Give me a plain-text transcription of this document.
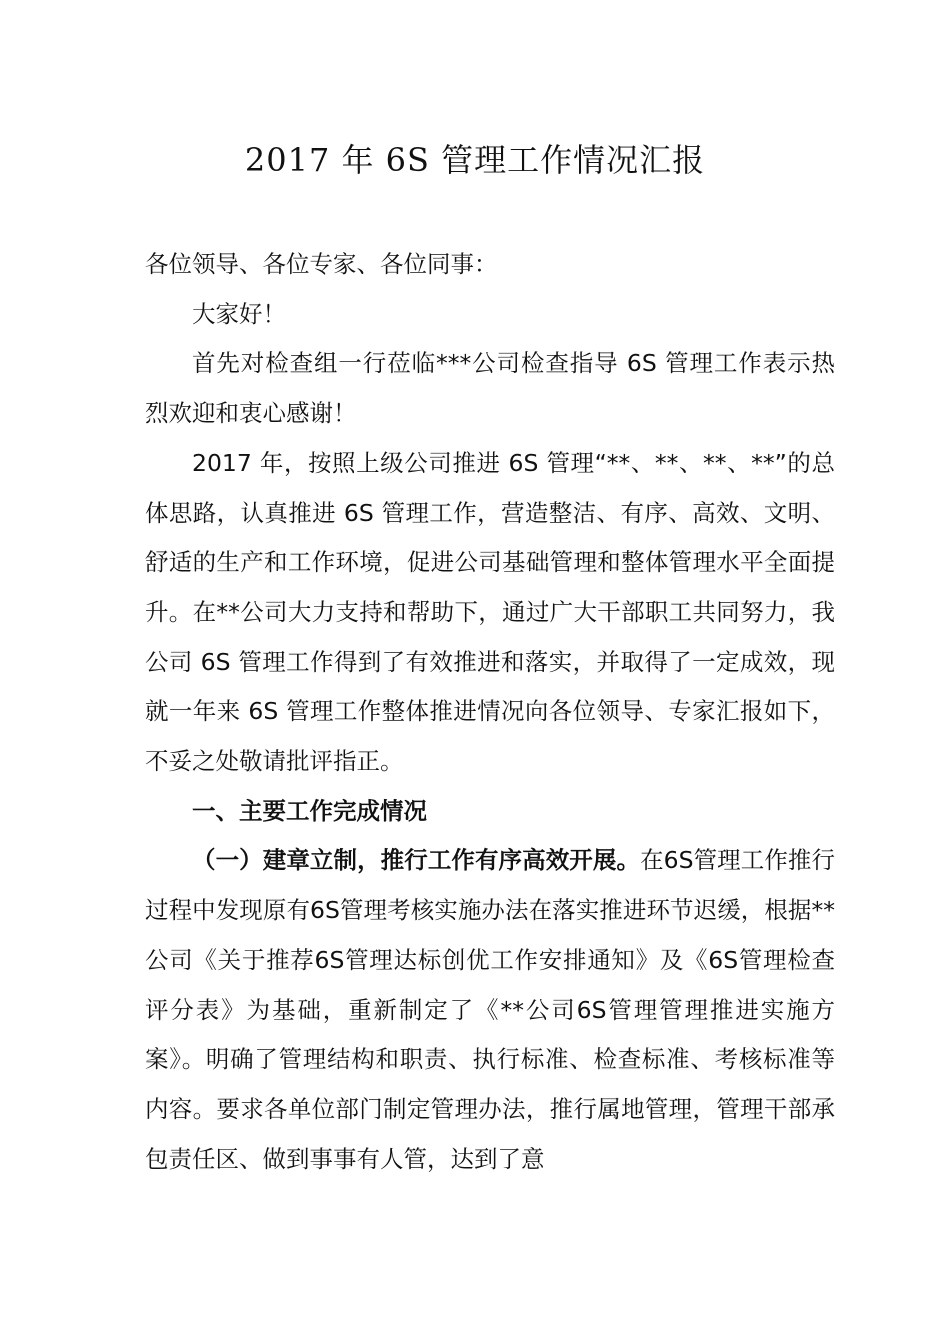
2017 年 6S 管理工作情况汇报

各位领导、各位专家、各位同事：

大家好！

首先对检查组一行莅临***公司检查指导 6S 管理工作表示热烈欢迎和衷心感谢！

2017 年，按照上级公司推进 6S 管理“**、**、**、**”的总体思路，认真推进 6S 管理工作，营造整洁、有序、高效、文明、舒适的生产和工作环境，促进公司基础管理和整体管理水平全面提升。在**公司大力支持和帮助下，通过广大干部职工共同努力，我公司 6S 管理工作得到了有效推进和落实，并取得了一定成效，现就一年来 6S 管理工作整体推进情况向各位领导、专家汇报如下，不妥之处敬请批评指正。

一、主要工作完成情况

（一）建章立制，推行工作有序高效开展。在6S管理工作推行过程中发现原有6S管理考核实施办法在落实推进环节迟缓，根据**公司《关于推荐6S管理达标创优工作安排通知》及《6S管理检查评分表》为基础，重新制定了《**公司6S管理管理推进实施方案》。明确了管理结构和职责、执行标准、检查标准、考核标准等内容。要求各单位部门制定管理办法，推行属地管理，管理干部承包责任区、做到事事有人管，达到了意
